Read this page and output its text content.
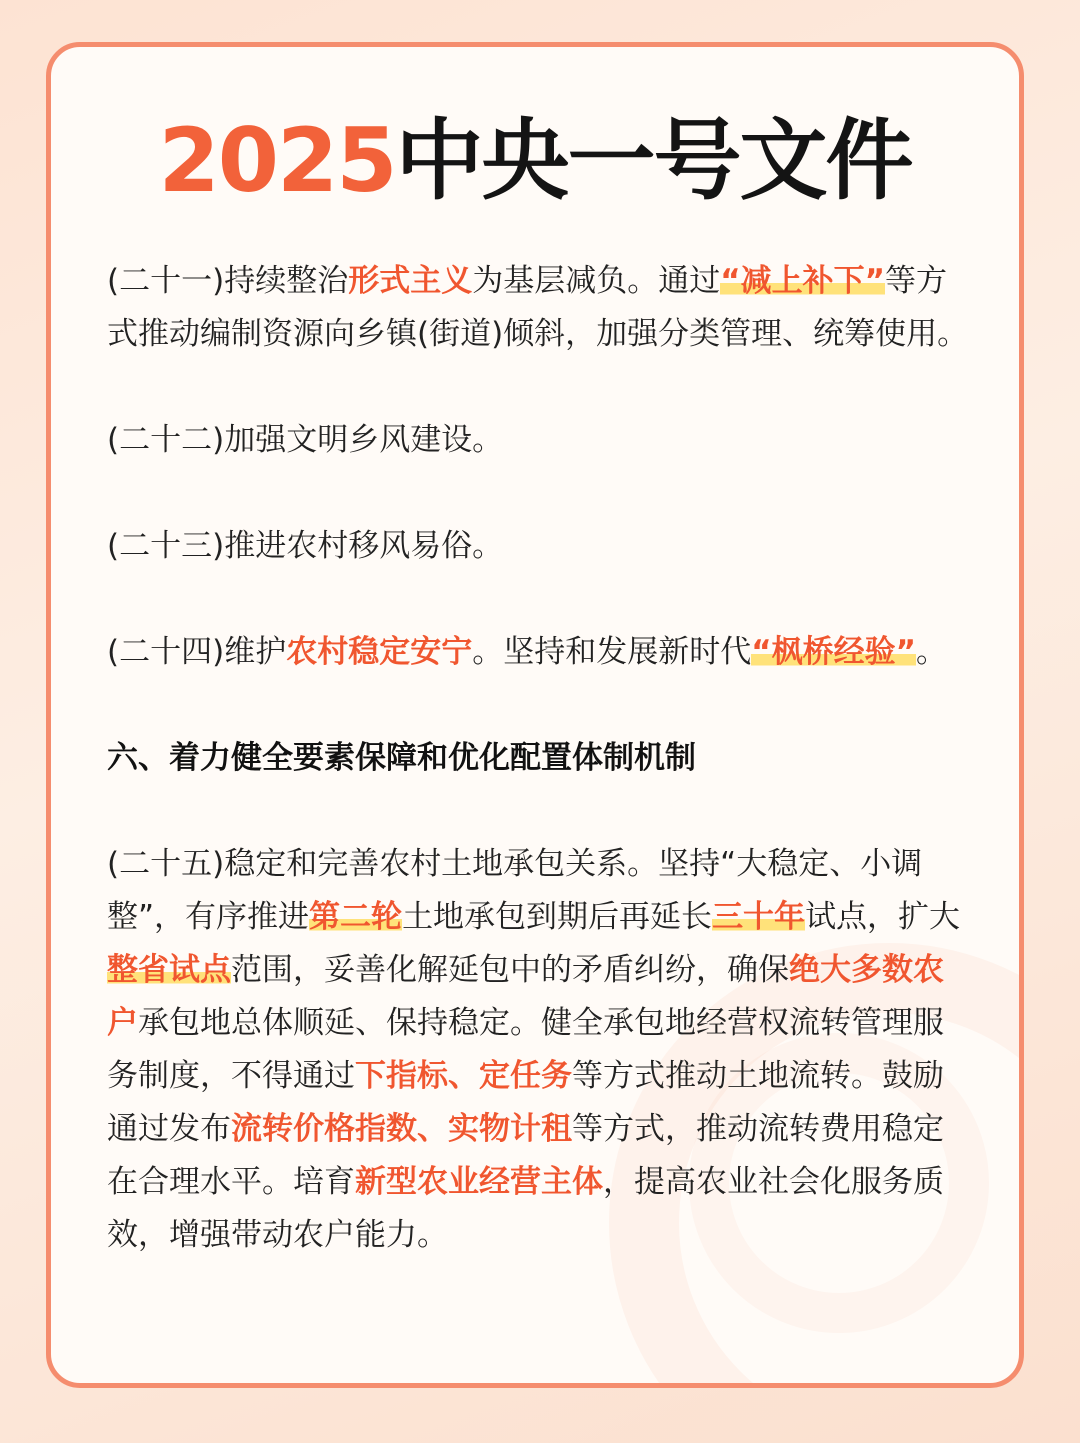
2025中央一号文件

(二十一)持续整治形式主义为基层减负。通过“减上补下”等方式推动编制资源向乡镇(街道)倾斜，加强分类管理、统筹使用。

(二十二)加强文明乡风建设。

(二十三)推进农村移风易俗。

(二十四)维护农村稳定安宁。坚持和发展新时代“枫桥经验”。

六、着力健全要素保障和优化配置体制机制

(二十五)稳定和完善农村土地承包关系。坚持“大稳定、小调整”，有序推进第二轮土地承包到期后再延长三十年试点，扩大整省试点范围，妥善化解延包中的矛盾纠纷，确保绝大多数农户承包地总体顺延、保持稳定。健全承包地经营权流转管理服务制度，不得通过下指标、定任务等方式推动土地流转。鼓励通过发布流转价格指数、实物计租等方式，推动流转费用稳定在合理水平。培育新型农业经营主体，提高农业社会化服务质效，增强带动农户能力。
